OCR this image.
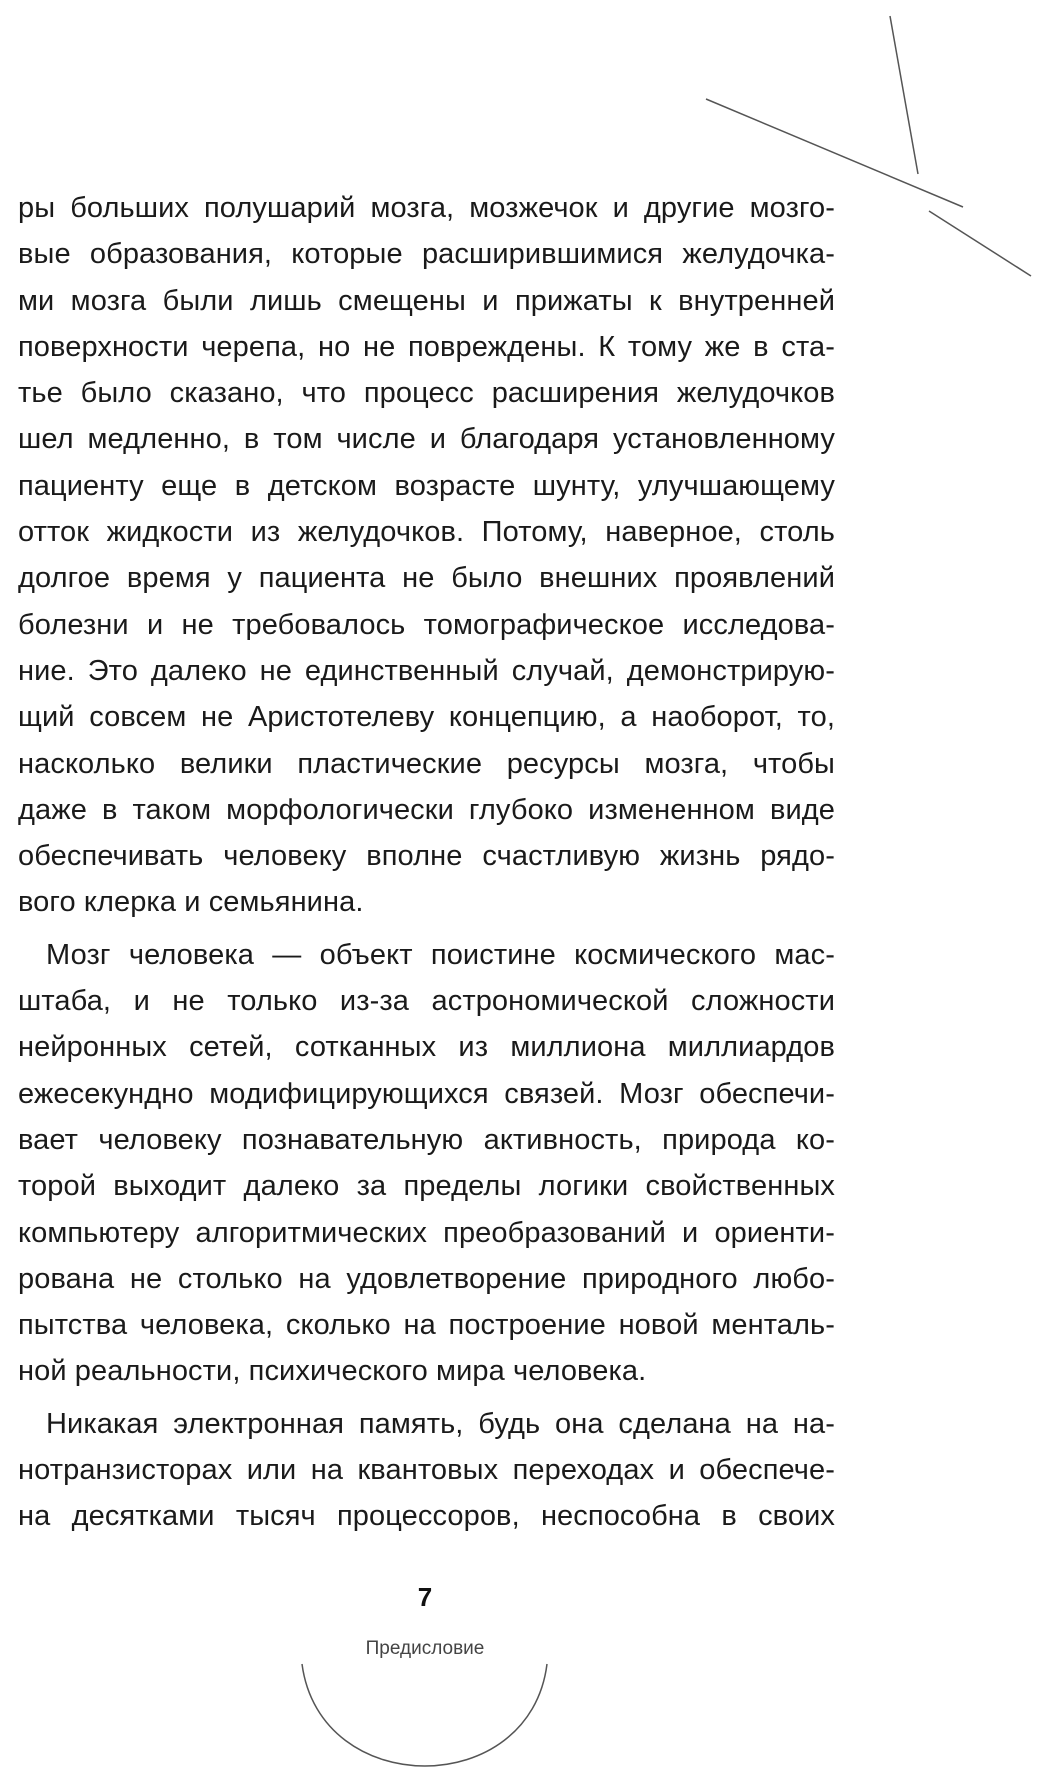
ры больших полушарий мозга, мозжечок и другие мозго-
вые образования, которые расширившимися желудочка-
ми мозга были лишь смещены и прижаты к внутренней
поверхности черепа, но не повреждены. К тому же в ста-
тье было сказано, что процесс расширения желудочков
шел медленно, в том числе и благодаря установленному
пациенту еще в детском возрасте шунту, улучшающему
отток жидкости из желудочков. Потому, наверное, столь
долгое время у пациента не было внешних проявлений
болезни и не требовалось томографическое исследова-
ние. Это далеко не единственный случай, демонстрирую-
щий совсем не Аристотелеву концепцию, а наоборот, то,
насколько велики пластические ресурсы мозга, чтобы
даже в таком морфологически глубоко измененном виде
обеспечивать человеку вполне счастливую жизнь рядо-
вого клерка и семьянина.
Мозг человека — объект поистине космического мас-
штаба, и не только из-за астрономической сложности
нейронных сетей, сотканных из миллиона миллиардов
ежесекундно модифицирующихся связей. Мозг обеспечи-
вает человеку познавательную активность, природа ко-
торой выходит далеко за пределы логики свойственных
компьютеру алгоритмических преобразований и ориенти-
рована не столько на удовлетворение природного любо-
пытства человека, сколько на построение новой менталь-
ной реальности, психического мира человека.
Никакая электронная память, будь она сделана на на-
нотранзисторах или на квантовых переходах и обеспече-
на десятками тысяч процессоров, неспособна в своих
7
Предисловие
